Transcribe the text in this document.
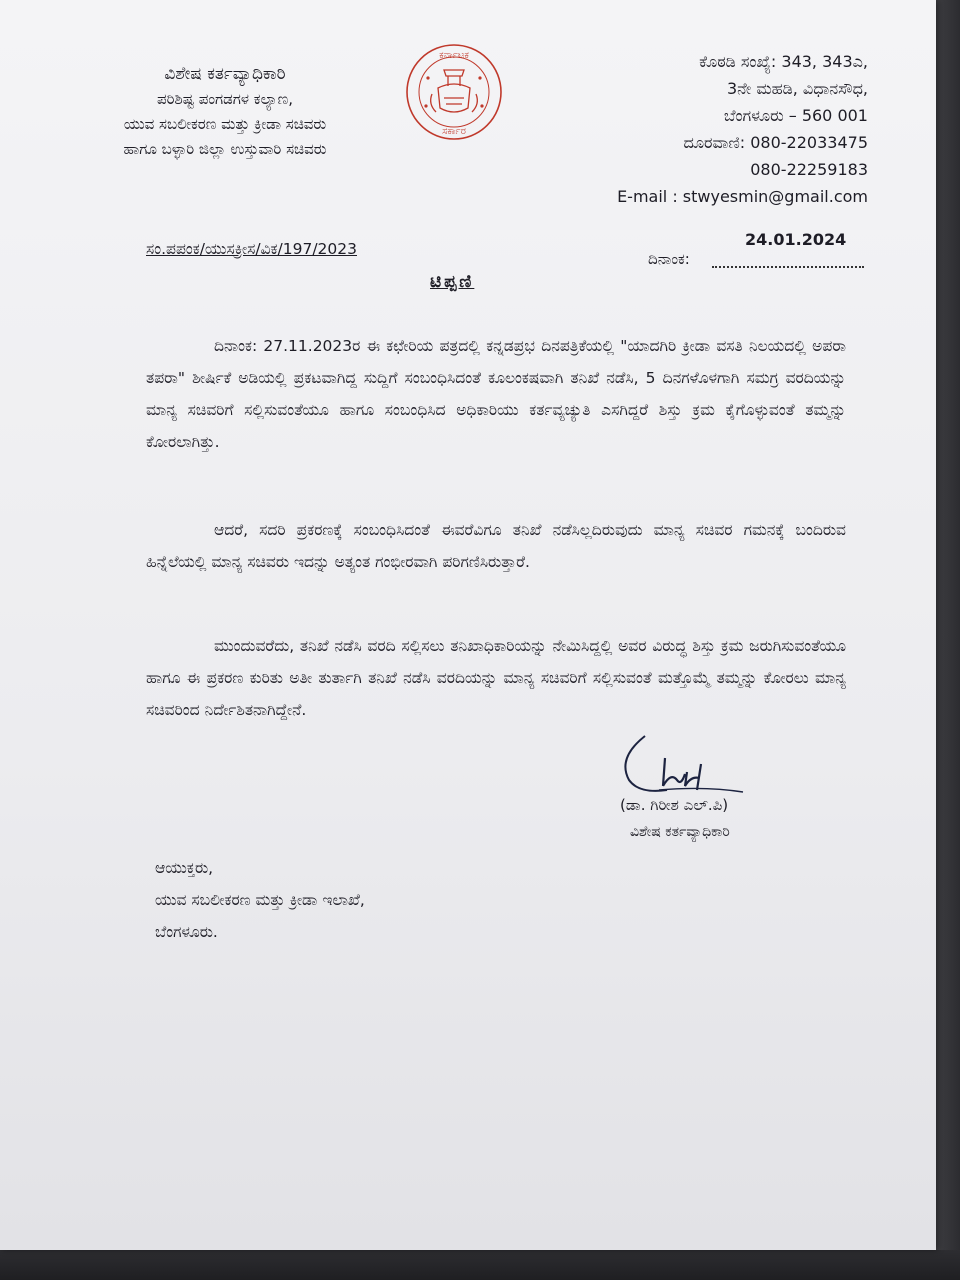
ವಿಶೇಷ ಕರ್ತವ್ಯಾಧಿಕಾರಿ
ಪರಿಶಿಷ್ಟ ಪಂಗಡಗಳ ಕಲ್ಯಾಣ,
ಯುವ ಸಬಲೀಕರಣ ಮತ್ತು ಕ್ರೀಡಾ ಸಚಿವರು
ಹಾಗೂ ಬಳ್ಳಾರಿ ಜಿಲ್ಲಾ ಉಸ್ತುವಾರಿ ಸಚಿವರು
ಕರ್ನಾಟಕ
ಸರ್ಕಾರ
ಕೊಠಡಿ ಸಂಖ್ಯೆ: 343, 343ಎ,
3ನೇ ಮಹಡಿ, ವಿಧಾನಸೌಧ,
ಬೆಂಗಳೂರು – 560 001
ದೂರವಾಣಿ: 080-22033475
080-22259183
E-mail : stwyesmin@gmail.com
ಸಂ.ಪಪಂಕ/ಯುಸಕ್ರೀಸ/ವಿಕ/197/2023	24.01.2024
ದಿನಾಂಕ:
ಟಿಪ್ಪಣಿ
ದಿನಾಂಕ: 27.11.2023ರ ಈ ಕಛೇರಿಯ ಪತ್ರದಲ್ಲಿ ಕನ್ನಡಪ್ರಭ ದಿನಪತ್ರಿಕೆಯಲ್ಲಿ "ಯಾದಗಿರಿ ಕ್ರೀಡಾ ವಸತಿ ನಿಲಯದಲ್ಲಿ ಅಪರಾ ತಪರಾ" ಶೀರ್ಷಿಕೆ ಅಡಿಯಲ್ಲಿ ಪ್ರಕಟವಾಗಿದ್ದ ಸುದ್ದಿಗೆ ಸಂಬಂಧಿಸಿದಂತೆ ಕೂಲಂಕಷವಾಗಿ ತನಿಖೆ ನಡೆಸಿ, 5 ದಿನಗಳೊಳಗಾಗಿ ಸಮಗ್ರ ವರದಿಯನ್ನು ಮಾನ್ಯ ಸಚಿವರಿಗೆ ಸಲ್ಲಿಸುವಂತೆಯೂ ಹಾಗೂ ಸಂಬಂಧಿಸಿದ ಅಧಿಕಾರಿಯು ಕರ್ತವ್ಯಚ್ಯುತಿ ಎಸಗಿದ್ದರೆ ಶಿಸ್ತು ಕ್ರಮ ಕೈಗೊಳ್ಳುವಂತೆ ತಮ್ಮನ್ನು ಕೋರಲಾಗಿತ್ತು.
ಆದರೆ, ಸದರಿ ಪ್ರಕರಣಕ್ಕೆ ಸಂಬಂಧಿಸಿದಂತೆ ಈವರೆವಿಗೂ ತನಿಖೆ ನಡೆಸಿಲ್ಲದಿರುವುದು ಮಾನ್ಯ ಸಚಿವರ ಗಮನಕ್ಕೆ ಬಂದಿರುವ ಹಿನ್ನೆಲೆಯಲ್ಲಿ ಮಾನ್ಯ ಸಚಿವರು ಇದನ್ನು ಅತ್ಯಂತ ಗಂಭೀರವಾಗಿ ಪರಿಗಣಿಸಿರುತ್ತಾರೆ.
ಮುಂದುವರೆದು, ತನಿಖೆ ನಡೆಸಿ ವರದಿ ಸಲ್ಲಿಸಲು ತನಿಖಾಧಿಕಾರಿಯನ್ನು ನೇಮಿಸಿದ್ದಲ್ಲಿ ಅವರ ವಿರುದ್ಧ ಶಿಸ್ತು ಕ್ರಮ ಜರುಗಿಸುವಂತೆಯೂ ಹಾಗೂ ಈ ಪ್ರಕರಣ ಕುರಿತು ಅತೀ ತುರ್ತಾಗಿ ತನಿಖೆ ನಡೆಸಿ ವರದಿಯನ್ನು ಮಾನ್ಯ ಸಚಿವರಿಗೆ ಸಲ್ಲಿಸುವಂತೆ ಮತ್ತೊಮ್ಮೆ ತಮ್ಮನ್ನು ಕೋರಲು ಮಾನ್ಯ ಸಚಿವರಿಂದ ನಿರ್ದೇಶಿತನಾಗಿದ್ದೇನೆ.
(ಡಾ. ಗಿರೀಶ ಎಲ್.ಪಿ)
ವಿಶೇಷ ಕರ್ತವ್ಯಾಧಿಕಾರಿ
ಆಯುಕ್ತರು,
ಯುವ ಸಬಲೀಕರಣ ಮತ್ತು ಕ್ರೀಡಾ ಇಲಾಖೆ,
ಬೆಂಗಳೂರು.
